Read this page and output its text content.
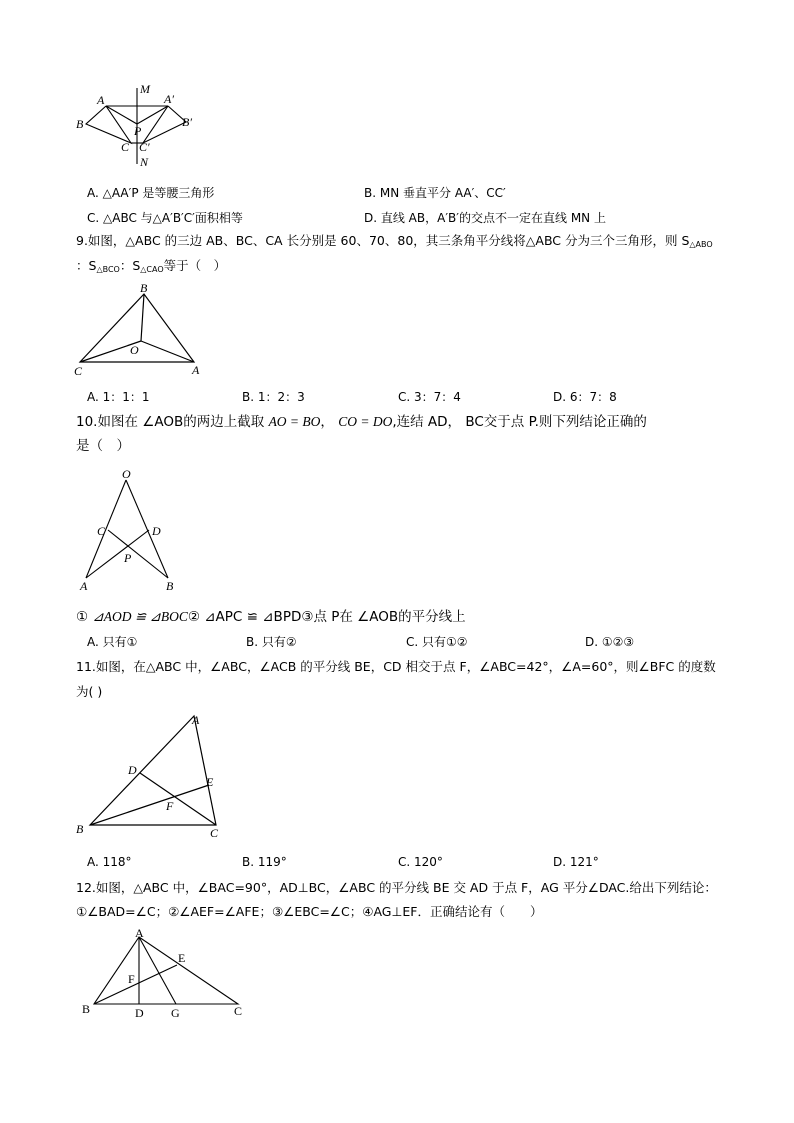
M
N
A	A′
B	B′
C C′
P
A. △AA′P 是等腰三角形	B. MN 垂直平分 AA′、CC′
C. △ABC 与△A′B′C′面积相等	D. 直线 AB，A′B′的交点不一定在直线 MN 上
9.如图，△ABC 的三边 AB、BC、CA 长分别是 60、70、80，其三条角平分线将△ABC 分为三个三角形，则 $S_{\triangle ABO}$
：$S_{\triangle BCO}$：$S_{\triangle CAO}$等于（　）
B
C	A
O
A. 1：1：1	B. 1：2：3	C. 3：7：4	D. 6：7：8
10.如图在 ∠AOB的两边上截取 AO = BO， CO = DO,连结 AD， BC交于点 P.则下列结论正确的
是（　）
O
C	D
P
A	B
① ⊿AOD ≌ ⊿BOC② ⊿APC ≌ ⊿BPD③点 P在 ∠AOB的平分线上
A. 只有①	B. 只有②	C. 只有①②	D. ①②③
11.如图，在△ABC 中，∠ABC，∠ACB 的平分线 BE，CD 相交于点 F，∠ABC=42°，∠A=60°，则∠BFC 的度数
为( )
A
D
E
F
B	C
A. 118°	B. 119°	C. 120°	D. 121°
12.如图，△ABC 中，∠BAC=90°，AD⊥BC，∠ABC 的平分线 BE 交 AD 于点 F，AG 平分∠DAC.给出下列结论：
①∠BAD=∠C；②∠AEF=∠AFE；③∠EBC=∠C；④AG⊥EF．正确结论有（　　）
A
E
F
B	D G	C
